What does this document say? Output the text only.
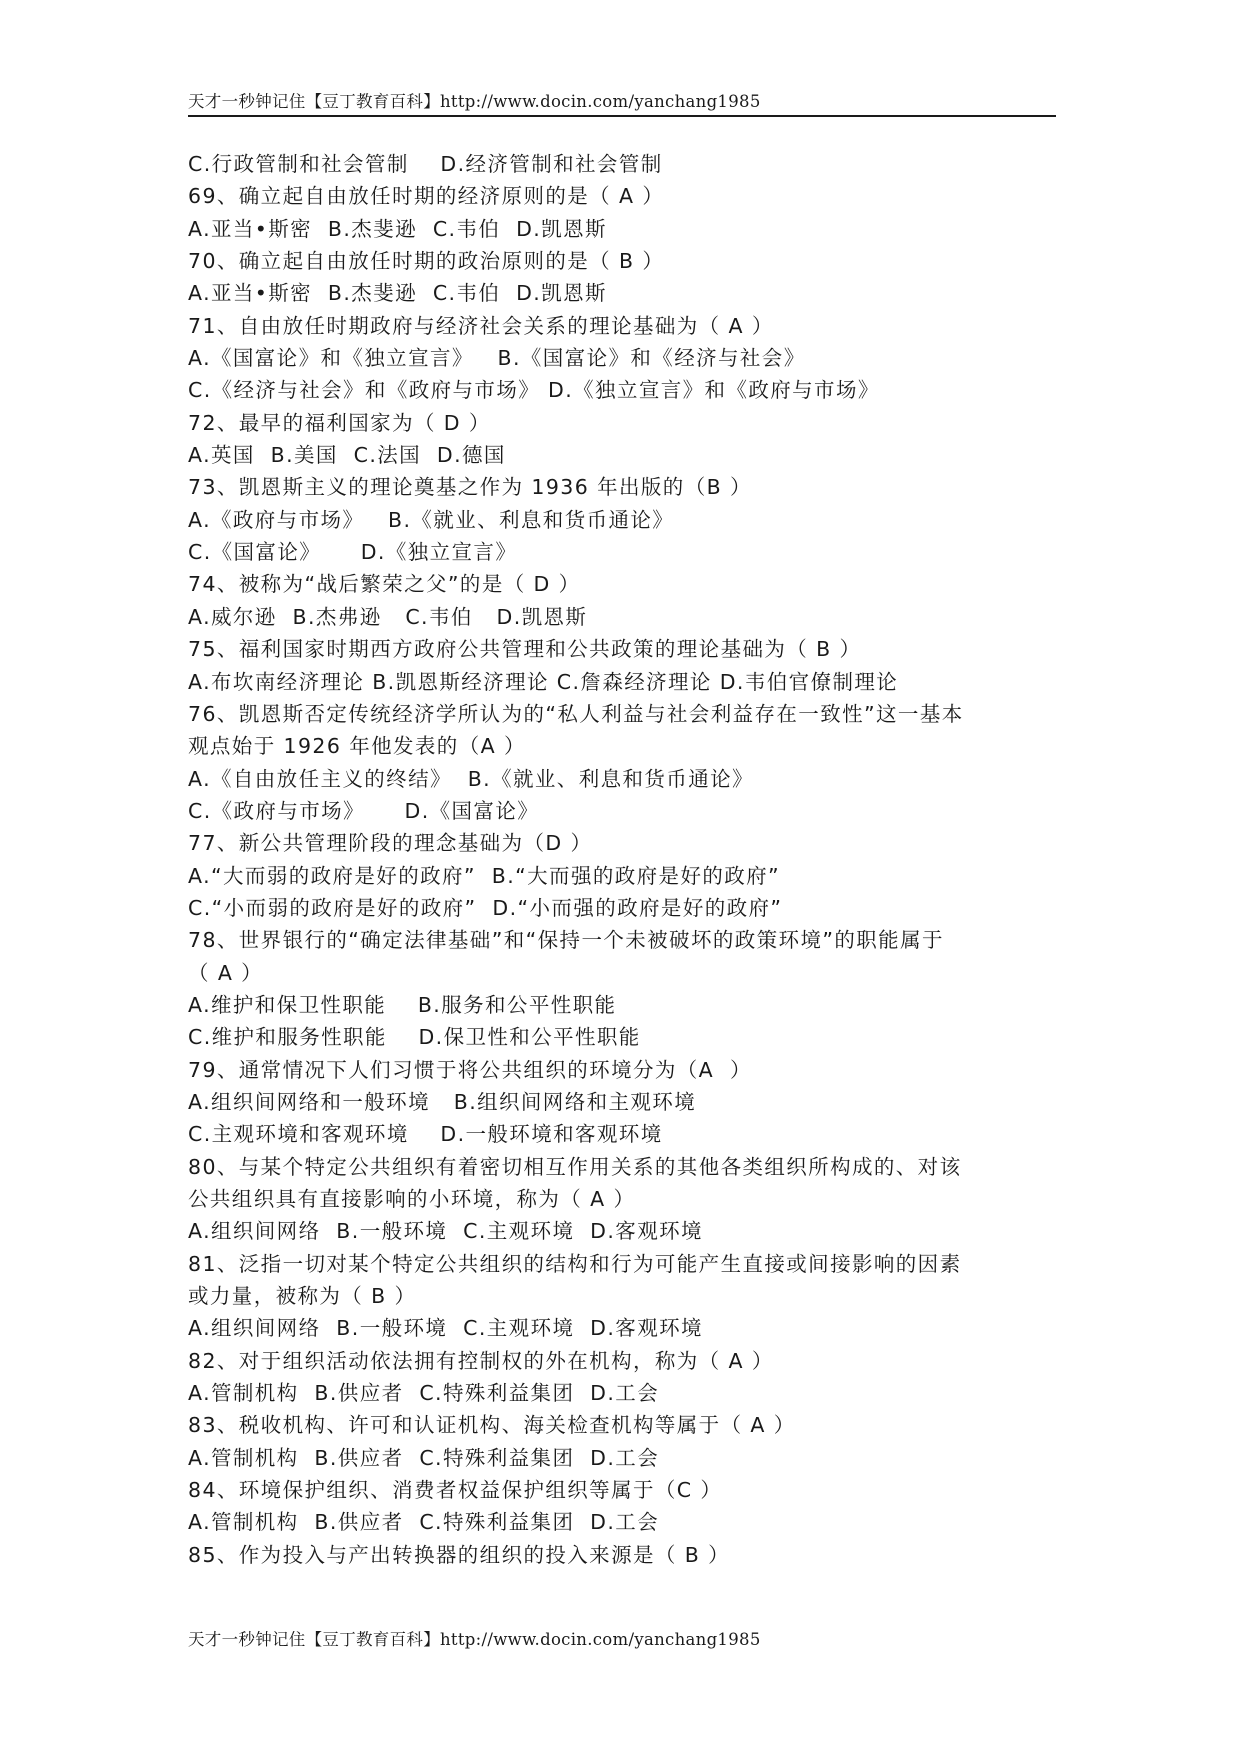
天才一秒钟记住【豆丁教育百科】http://www.docin.com/yanchang1985
C.行政管制和社会管制    D.经济管制和社会管制
69、确立起自由放任时期的经济原则的是（ A ）
A.亚当•斯密  B.杰斐逊  C.韦伯  D.凯恩斯
70、确立起自由放任时期的政治原则的是（ B ）
A.亚当•斯密  B.杰斐逊  C.韦伯  D.凯恩斯
71、自由放任时期政府与经济社会关系的理论基础为（ A ）
A.《国富论》和《独立宣言》   B.《国富论》和《经济与社会》
C.《经济与社会》和《政府与市场》 D.《独立宣言》和《政府与市场》
72、最早的福利国家为（ D ）
A.英国  B.美国  C.法国  D.德国
73、凯恩斯主义的理论奠基之作为 1936 年出版的（B ）
A.《政府与市场》   B.《就业、利息和货币通论》
C.《国富论》     D.《独立宣言》
74、被称为“战后繁荣之父”的是（ D ）
A.威尔逊  B.杰弗逊   C.韦伯   D.凯恩斯
75、福利国家时期西方政府公共管理和公共政策的理论基础为（ B ）
A.布坎南经济理论 B.凯恩斯经济理论 C.詹森经济理论 D.韦伯官僚制理论
76、凯恩斯否定传统经济学所认为的“私人利益与社会利益存在一致性”这一基本
观点始于 1926 年他发表的（A ）
A.《自由放任主义的终结》  B.《就业、利息和货币通论》
C.《政府与市场》     D.《国富论》
77、新公共管理阶段的理念基础为（D ）
A.“大而弱的政府是好的政府”  B.“大而强的政府是好的政府”
C.“小而弱的政府是好的政府”  D.“小而强的政府是好的政府”
78、世界银行的“确定法律基础”和“保持一个未被破坏的政策环境”的职能属于
（ A ）
A.维护和保卫性职能    B.服务和公平性职能
C.维护和服务性职能    D.保卫性和公平性职能
79、通常情况下人们习惯于将公共组织的环境分为（A  ）
A.组织间网络和一般环境   B.组织间网络和主观环境
C.主观环境和客观环境    D.一般环境和客观环境
80、与某个特定公共组织有着密切相互作用关系的其他各类组织所构成的、对该
公共组织具有直接影响的小环境，称为（ A ）
A.组织间网络  B.一般环境  C.主观环境  D.客观环境
81、泛指一切对某个特定公共组织的结构和行为可能产生直接或间接影响的因素
或力量，被称为（ B ）
A.组织间网络  B.一般环境  C.主观环境  D.客观环境
82、对于组织活动依法拥有控制权的外在机构，称为（ A ）
A.管制机构  B.供应者  C.特殊利益集团  D.工会
83、税收机构、许可和认证机构、海关检查机构等属于（ A ）
A.管制机构  B.供应者  C.特殊利益集团  D.工会
84、环境保护组织、消费者权益保护组织等属于（C ）
A.管制机构  B.供应者  C.特殊利益集团  D.工会
85、作为投入与产出转换器的组织的投入来源是（ B ）
天才一秒钟记住【豆丁教育百科】http://www.docin.com/yanchang1985
